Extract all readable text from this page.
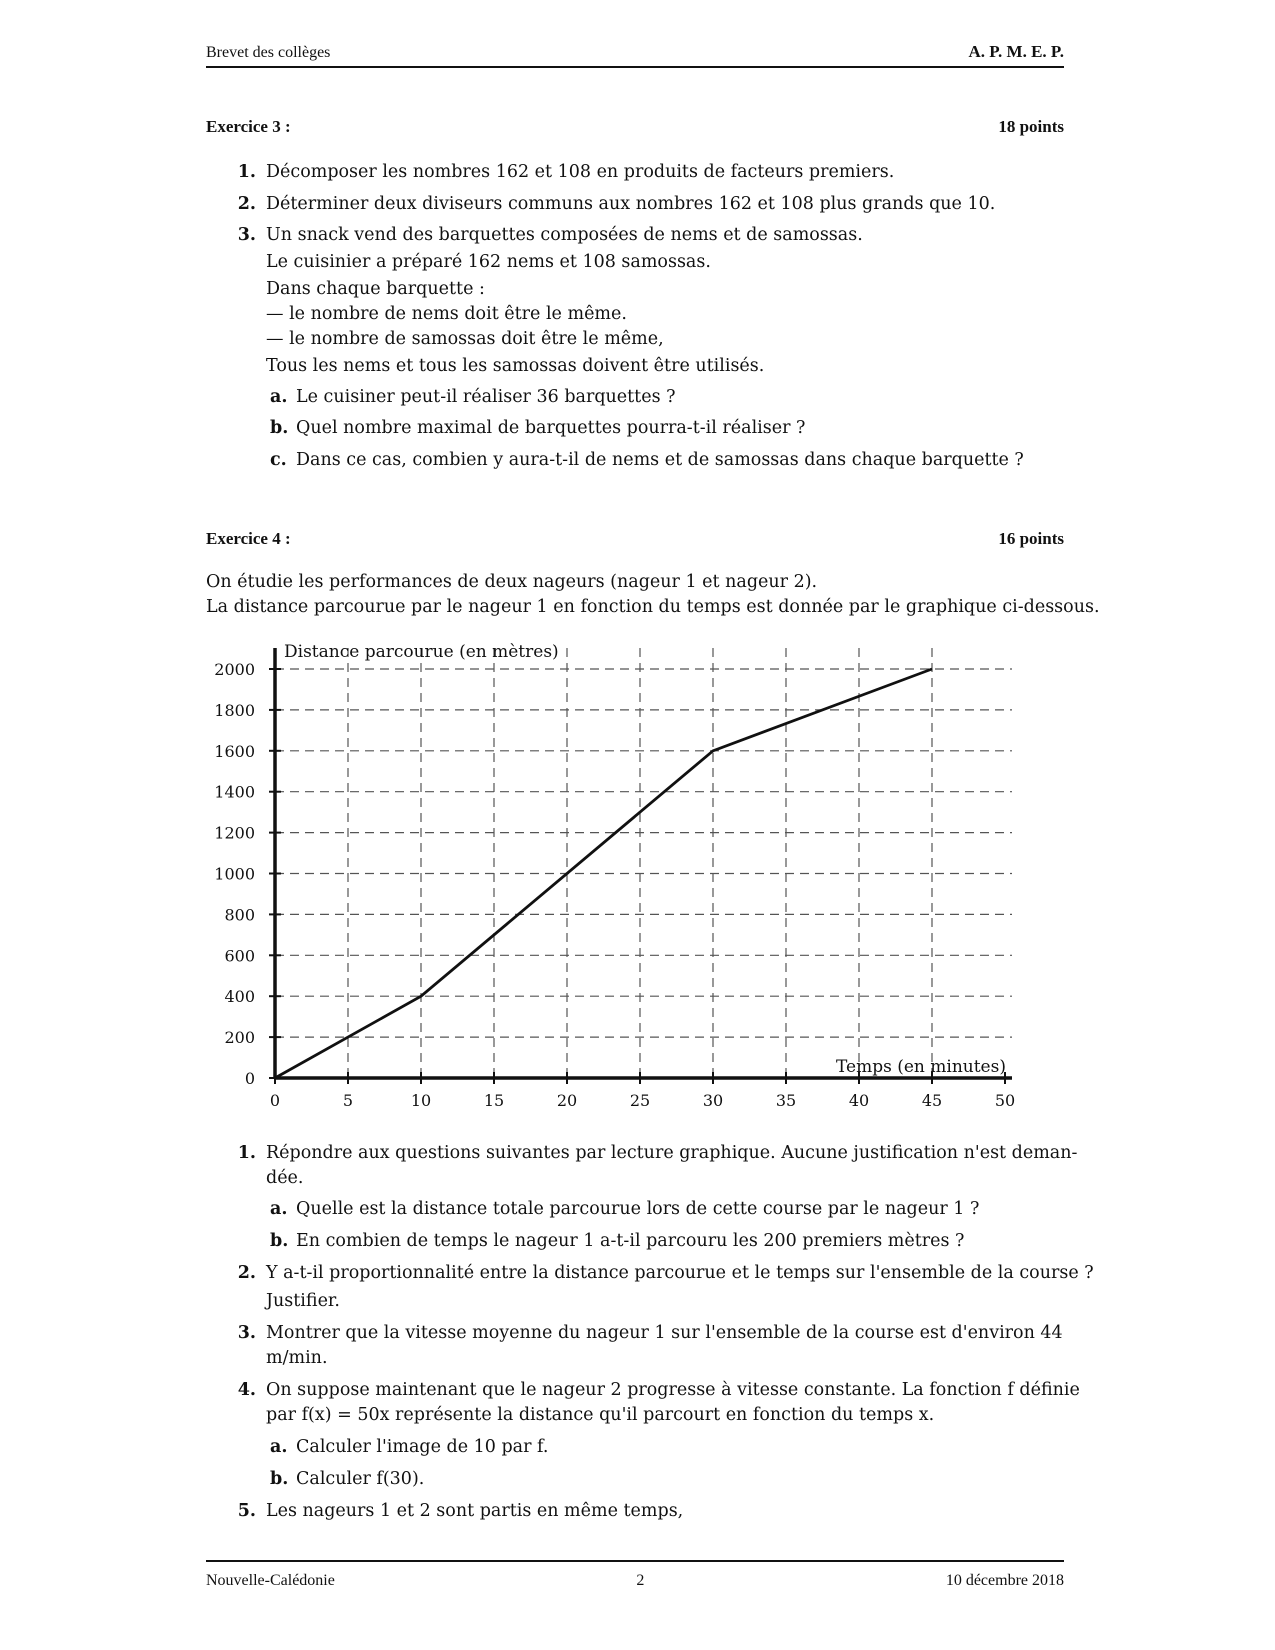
Brevet des collèges	A. P. M. E. P.
Exercice 3 :	18 points
1. Décomposer les nombres 162 et 108 en produits de facteurs premiers.
2. Déterminer deux diviseurs communs aux nombres 162 et 108 plus grands que 10.
3. Un snack vend des barquettes composées de nems et de samossas.
Le cuisinier a préparé 162 nems et 108 samossas.
Dans chaque barquette :
— le nombre de nems doit être le même.
— le nombre de samossas doit être le même,
Tous les nems et tous les samossas doivent être utilisés.
a. Le cuisiner peut-il réaliser 36 barquettes ?
b. Quel nombre maximal de barquettes pourra-t-il réaliser ?
c. Dans ce cas, combien y aura-t-il de nems et de samossas dans chaque barquette ?
Exercice 4 :	16 points
On étudie les performances de deux nageurs (nageur 1 et nageur 2).
La distance parcourue par le nageur 1 en fonction du temps est donnée par le graphique ci-dessous.
0
200
400
600
800
1000
1200
1400
1600
1800
2000
0	5	10	15	20	25	30	35	40	45	50
Distance parcourue (en mètres)
Temps (en minutes)
1. Répondre aux questions suivantes par lecture graphique. Aucune justification n'est deman-
dée.
a. Quelle est la distance totale parcourue lors de cette course par le nageur 1 ?
b. En combien de temps le nageur 1 a-t-il parcouru les 200 premiers mètres ?
2. Y a-t-il proportionnalité entre la distance parcourue et le temps sur l'ensemble de la course ?
Justifier.
3. Montrer que la vitesse moyenne du nageur 1 sur l'ensemble de la course est d'environ 44
m/min.
4. On suppose maintenant que le nageur 2 progresse à vitesse constante. La fonction f définie
par f(x) = 50x représente la distance qu'il parcourt en fonction du temps x.
a. Calculer l'image de 10 par f.
b. Calculer f(30).
5. Les nageurs 1 et 2 sont partis en même temps,
Nouvelle-Calédonie	2	10 décembre 2018
